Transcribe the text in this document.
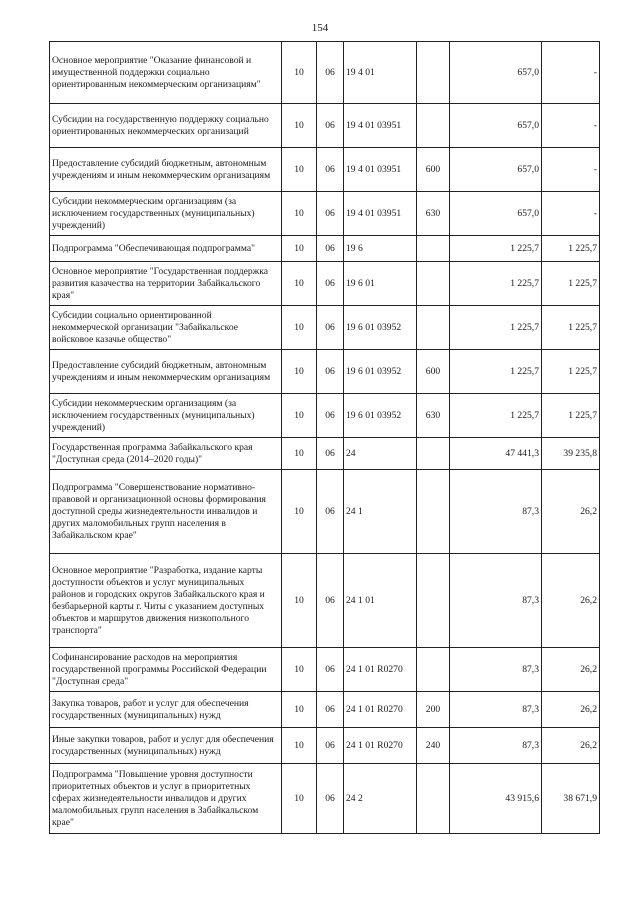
154
Основное мероприятие "Оказание финансовой и имущественной поддержки социально ориентированным некоммерческим организациям"	10	06	19 4 01		657,0	-
Субсидии на государственную поддержку социально ориентированных некоммерческих организаций	10	06	19 4 01 03951		657,0	-
Предоставление субсидий бюджетным, автономным учреждениям и иным некоммерческим организациям	10	06	19 4 01 03951	600	657,0	-
Субсидии некоммерческим организациям (за исключением государственных (муниципальных) учреждений)	10	06	19 4 01 03951	630	657,0	-
Подпрограмма "Обеспечивающая подпрограмма"	10	06	19 6		1 225,7	1 225,7
Основное мероприятие "Государственная поддержка развития казачества на территории Забайкальского края"	10	06	19 6 01		1 225,7	1 225,7
Субсидии социально ориентированной некоммерческой организации "Забайкальское войсковое казачье общество"	10	06	19 6 01 03952		1 225,7	1 225,7
Предоставление субсидий бюджетным, автономным учреждениям и иным некоммерческим организациям	10	06	19 6 01 03952	600	1 225,7	1 225,7
Субсидии некоммерческим организациям (за исключением государственных (муниципальных) учреждений)	10	06	19 6 01 03952	630	1 225,7	1 225,7
Государственная программа Забайкальского края "Доступная среда (2014–2020 годы)"	10	06	24		47 441,3	39 235,8
Подпрограмма "Совершенствование нормативно-правовой и организационной основы формирования доступной среды жизнедеятельности инвалидов и других маломобильных групп населения в Забайкальском крае"	10	06	24 1		87,3	26,2
Основное мероприятие "Разработка, издание карты доступности объектов и услуг муниципальных районов и городских округов Забайкальского края и безбарьерной карты г. Читы с указанием доступных объектов и маршрутов движения низкопольного транспорта"	10	06	24 1 01		87,3	26,2
Софинансирование расходов на мероприятия государственной программы Российской Федерации "Доступная среда"	10	06	24 1 01 R0270		87,3	26,2
Закупка товаров, работ и услуг для обеспечения государственных (муниципальных) нужд	10	06	24 1 01 R0270	200	87,3	26,2
Иные закупки товаров, работ и услуг для обеспечения государственных (муниципальных) нужд	10	06	24 1 01 R0270	240	87,3	26,2
Подпрограмма "Повышение уровня доступности приоритетных объектов и услуг в приоритетных сферах жизнедеятельности инвалидов и других маломобильных групп населения в Забайкальском крае"	10	06	24 2		43 915,6	38 671,9
